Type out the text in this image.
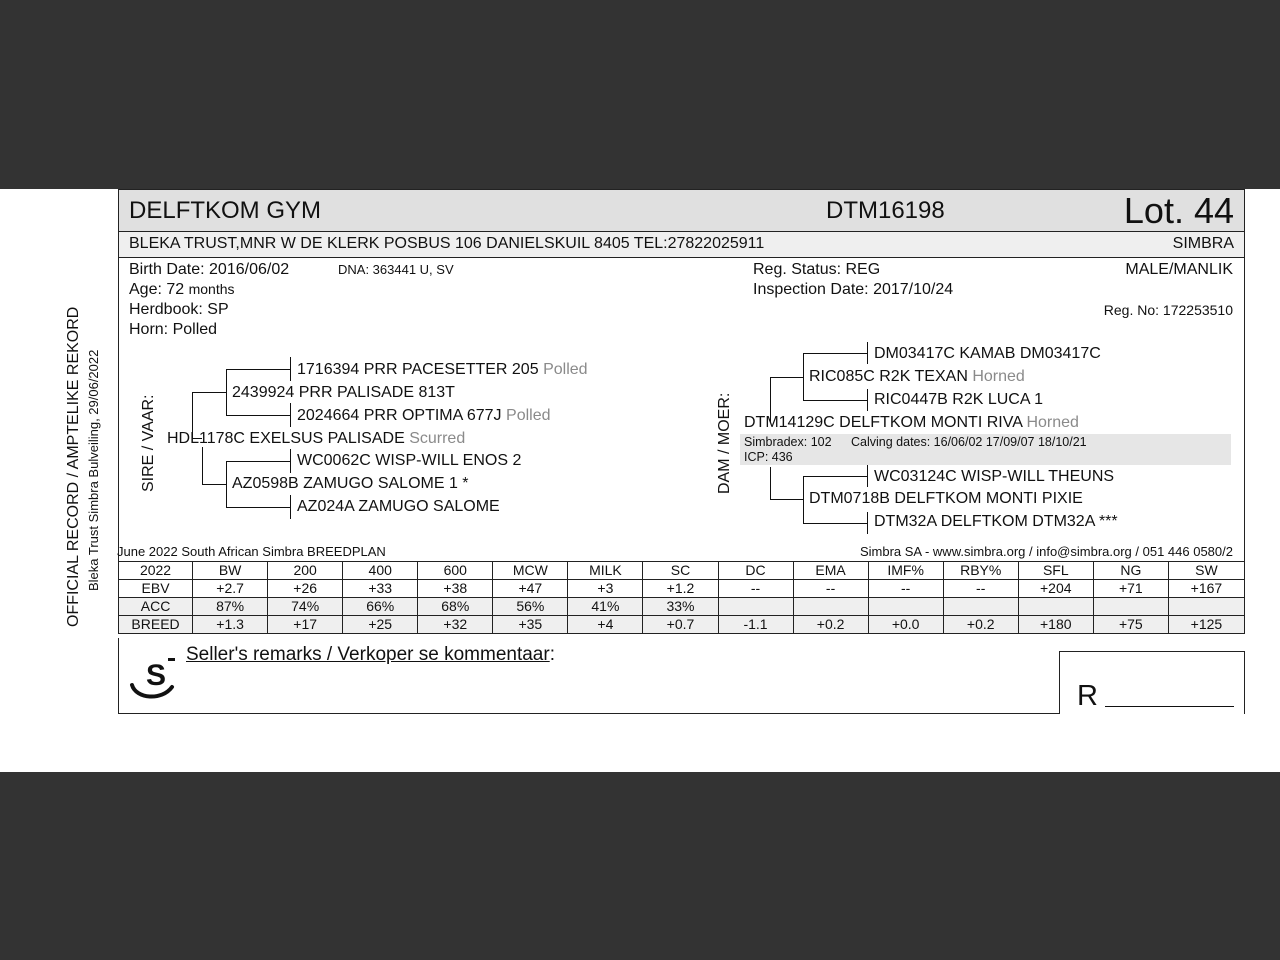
OFFICIAL RECORD / AMPTELIKE REKORD Bleka Trust Simbra Bulveiling, 29/06/2022
DELFTKOM GYM	DTM16198	Lot. 44
BLEKA TRUST,MNR W DE KLERK POSBUS 106 DANIELSKUIL 8405 TEL:27822025911	SIMBRA
Birth Date: 2016/06/02	DNA: 363441 U, SV
Age: 72 months
Herdbook: SP
Horn: Polled
Reg. Status: REG
Inspection Date: 2017/10/24
MALE/MANLIK
Reg. No: 172253510
SIRE / VAAR:
1716394 PRR PACESETTER 205 Polled
2439924 PRR PALISADE 813T
2024664 PRR OPTIMA 677J Polled
HDL1178C EXELSUS PALISADE Scurred
WC0062C WISP-WILL ENOS 2
AZ0598B ZAMUGO SALOME 1 *
AZ024A ZAMUGO SALOME
DAM / MOER: Simbradex: 102 Calving dates: 16/06/02 17/09/07 18/10/21
ICP: 436
DM03417C KAMAB DM03417C
RIC085C R2K TEXAN Horned
RIC0447B R2K LUCA 1
DTM14129C DELFTKOM MONTI RIVA Horned
WC03124C WISP-WILL THEUNS
DTM0718B DELFTKOM MONTI PIXIE
DTM32A DELFTKOM DTM32A ***
June 2022 South African Simbra BREEDPLAN	Simbra SA - www.simbra.org / info@simbra.org / 051 446 0580/2
2022	BW	200	400	600	MCW	MILK	SC	DC	EMA	IMF%	RBY%	SFL	NG	SW
EBV	+2.7	+26	+33	+38	+47	+3	+1.2	--	--	--	--	+204	+71	+167
ACC	87%	74%	66%	68%	56%	41%	33%							
BREED	+1.3	+17	+25	+32	+35	+4	+0.7	-1.1	+0.2	+0.0	+0.2	+180	+75	+125
S
Seller's remarks / Verkoper se kommentaar:
R
